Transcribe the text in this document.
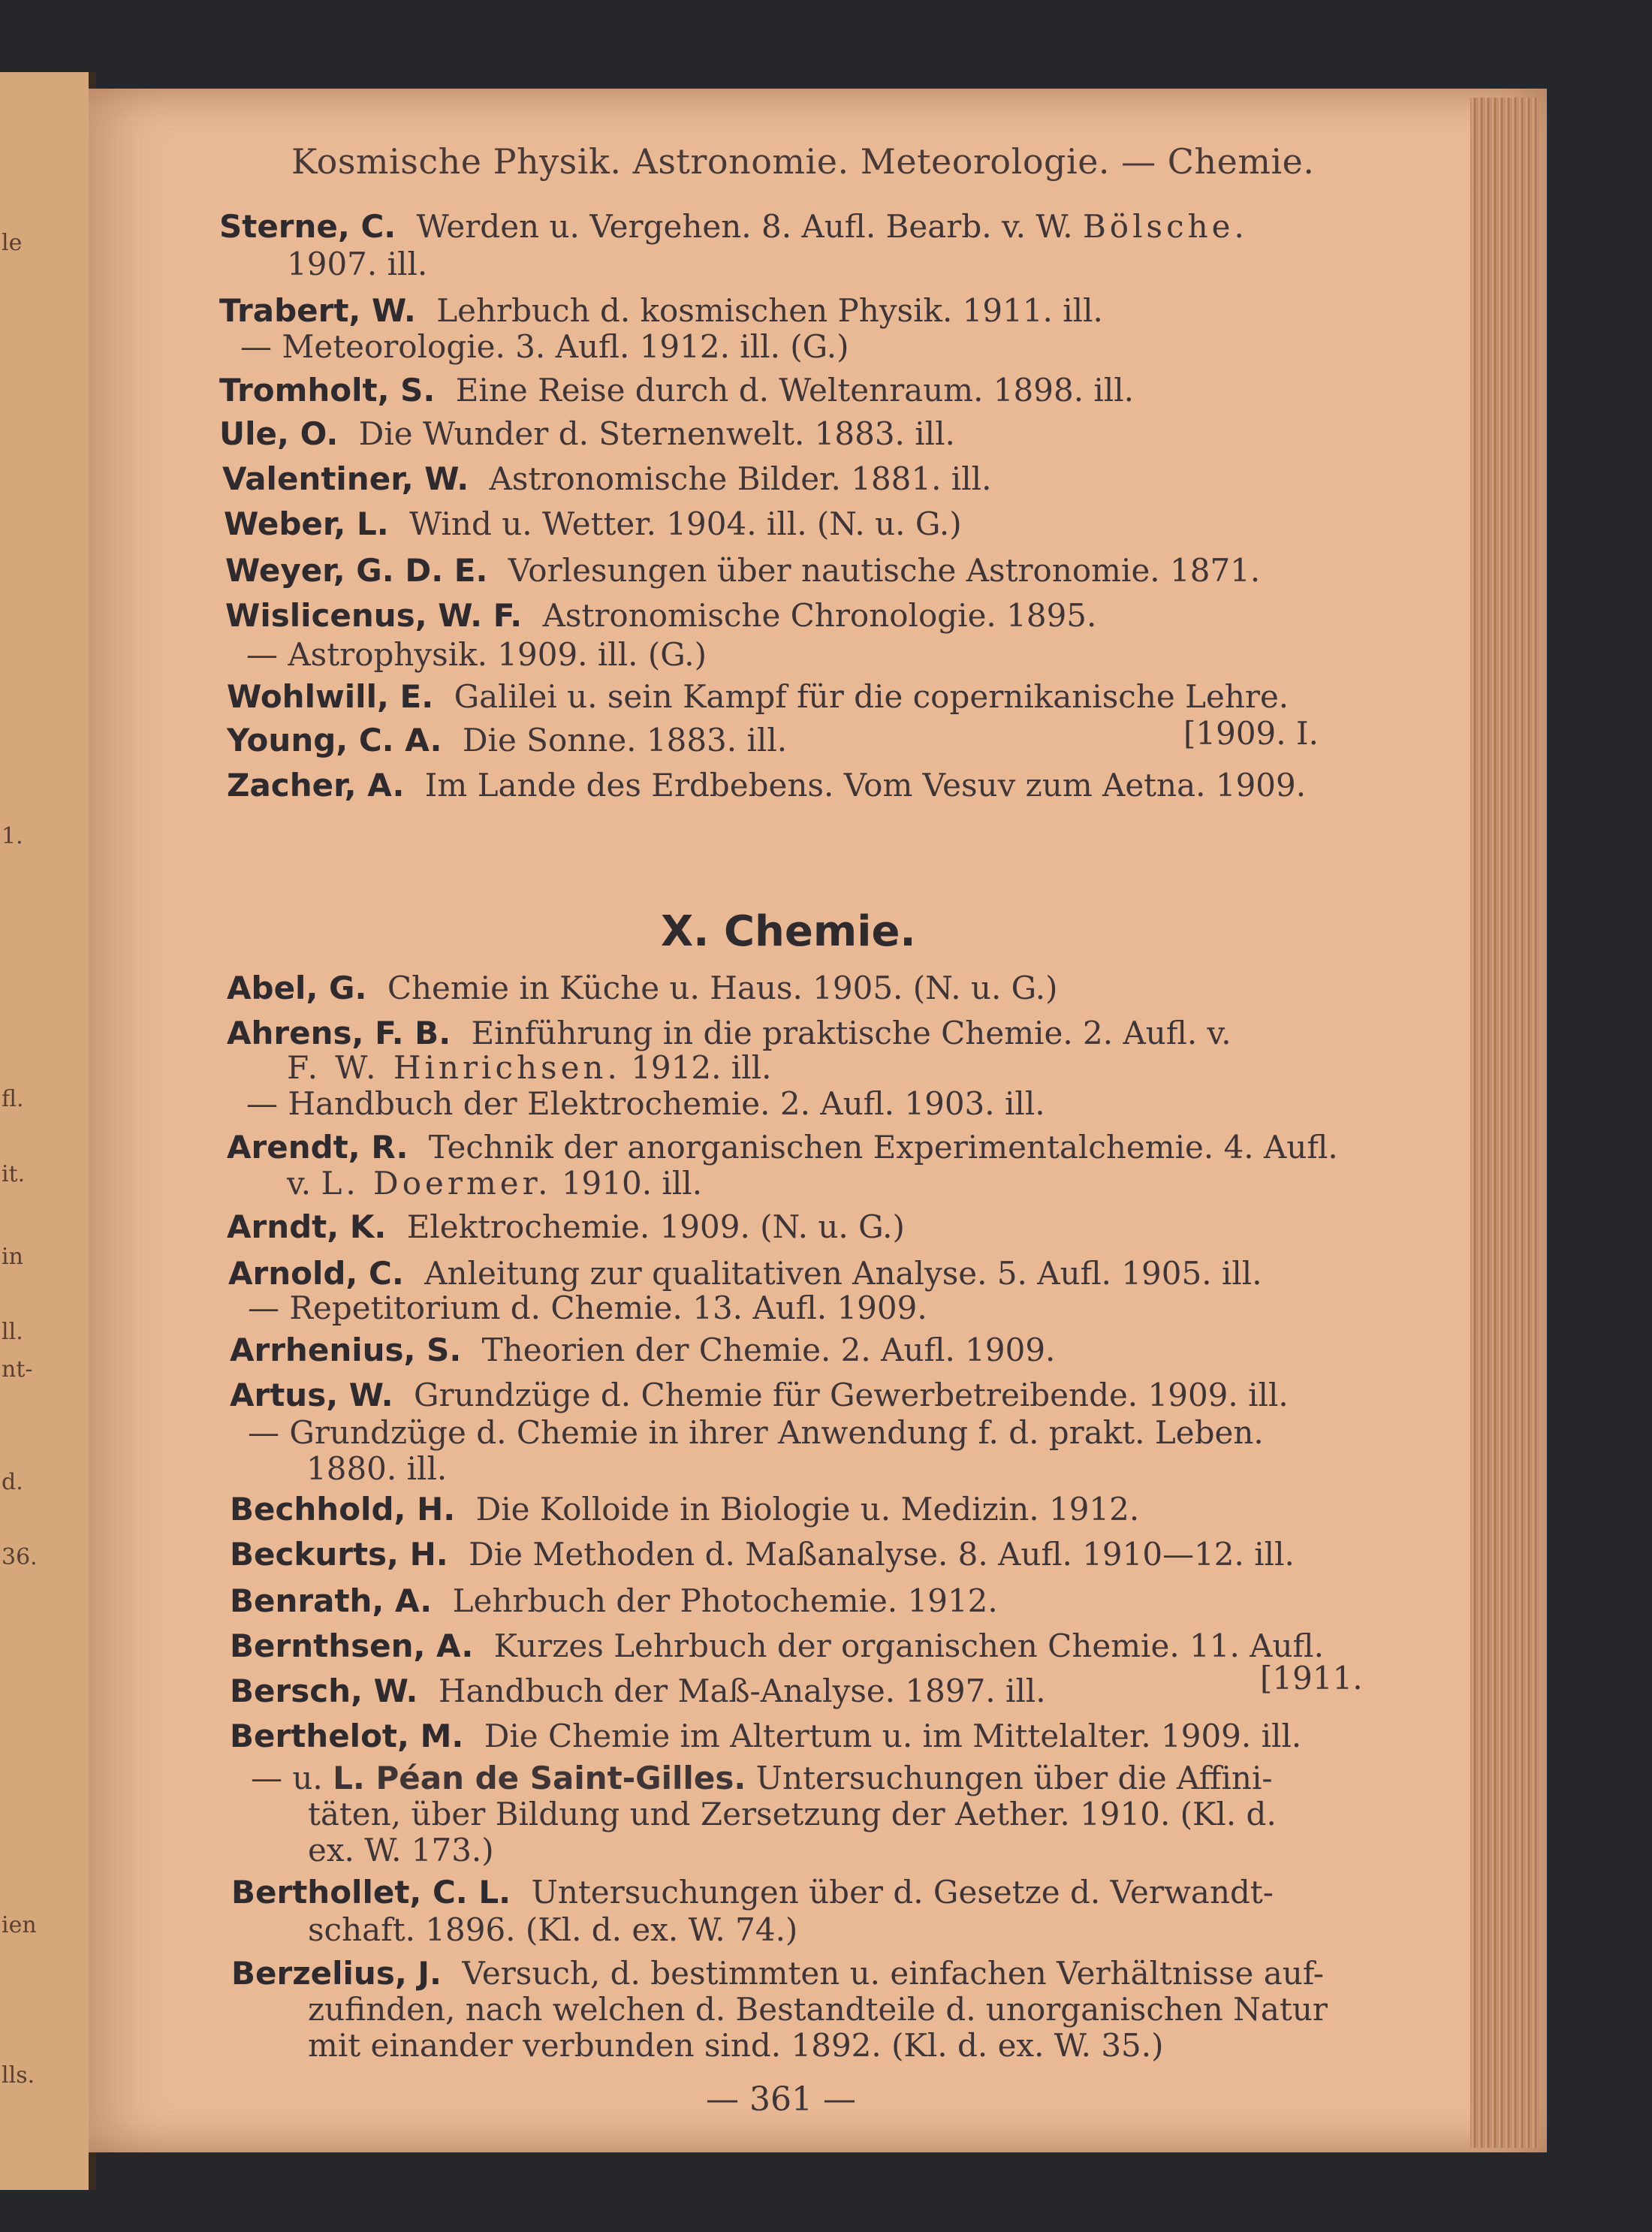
le
1.
fl.
it.
in
ll.
nt-
d.
36.
ien
lls.
Kosmische Physik. Astronomie. Meteorologie. — Chemie.
Sterne, C. Werden u. Vergehen. 8. Aufl. Bearb. v. W. Bölsche.
1907. ill.
Trabert, W. Lehrbuch d. kosmischen Physik. 1911. ill.
— Meteorologie. 3. Aufl. 1912. ill. (G.)
Tromholt, S. Eine Reise durch d. Weltenraum. 1898. ill.
Ule, O. Die Wunder d. Sternenwelt. 1883. ill.
Valentiner, W. Astronomische Bilder. 1881. ill.
Weber, L. Wind u. Wetter. 1904. ill. (N. u. G.)
Weyer, G. D. E. Vorlesungen über nautische Astronomie. 1871.
Wislicenus, W. F. Astronomische Chronologie. 1895.
— Astrophysik. 1909. ill. (G.)
Wohlwill, E. Galilei u. sein Kampf für die copernikanische Lehre.
Young, C. A. Die Sonne. 1883. ill.	[1909. I.
Zacher, A. Im Lande des Erdbebens. Vom Vesuv zum Aetna. 1909.
X. Chemie.
Abel, G. Chemie in Küche u. Haus. 1905. (N. u. G.)
Ahrens, F. B. Einführung in die praktische Chemie. 2. Aufl. v.
F. W. Hinrichsen. 1912. ill.
— Handbuch der Elektrochemie. 2. Aufl. 1903. ill.
Arendt, R. Technik der anorganischen Experimentalchemie. 4. Aufl.
v. L. Doermer. 1910. ill.
Arndt, K. Elektrochemie. 1909. (N. u. G.)
Arnold, C. Anleitung zur qualitativen Analyse. 5. Aufl. 1905. ill.
— Repetitorium d. Chemie. 13. Aufl. 1909.
Arrhenius, S. Theorien der Chemie. 2. Aufl. 1909.
Artus, W. Grundzüge d. Chemie für Gewerbetreibende. 1909. ill.
— Grundzüge d. Chemie in ihrer Anwendung f. d. prakt. Leben.
1880. ill.
Bechhold, H. Die Kolloide in Biologie u. Medizin. 1912.
Beckurts, H. Die Methoden d. Maßanalyse. 8. Aufl. 1910—12. ill.
Benrath, A. Lehrbuch der Photochemie. 1912.
Bernthsen, A. Kurzes Lehrbuch der organischen Chemie. 11. Aufl.
Bersch, W. Handbuch der Maß-Analyse. 1897. ill.	[1911.
Berthelot, M. Die Chemie im Altertum u. im Mittelalter. 1909. ill.
— u. L. Péan de Saint-Gilles. Untersuchungen über die Affini-
täten, über Bildung und Zersetzung der Aether. 1910. (Kl. d.
ex. W. 173.)
Berthollet, C. L. Untersuchungen über d. Gesetze d. Verwandt-
schaft. 1896. (Kl. d. ex. W. 74.)
Berzelius, J. Versuch, d. bestimmten u. einfachen Verhältnisse auf-
zufinden, nach welchen d. Bestandteile d. unorganischen Natur
mit einander verbunden sind. 1892. (Kl. d. ex. W. 35.)
— 361 —
